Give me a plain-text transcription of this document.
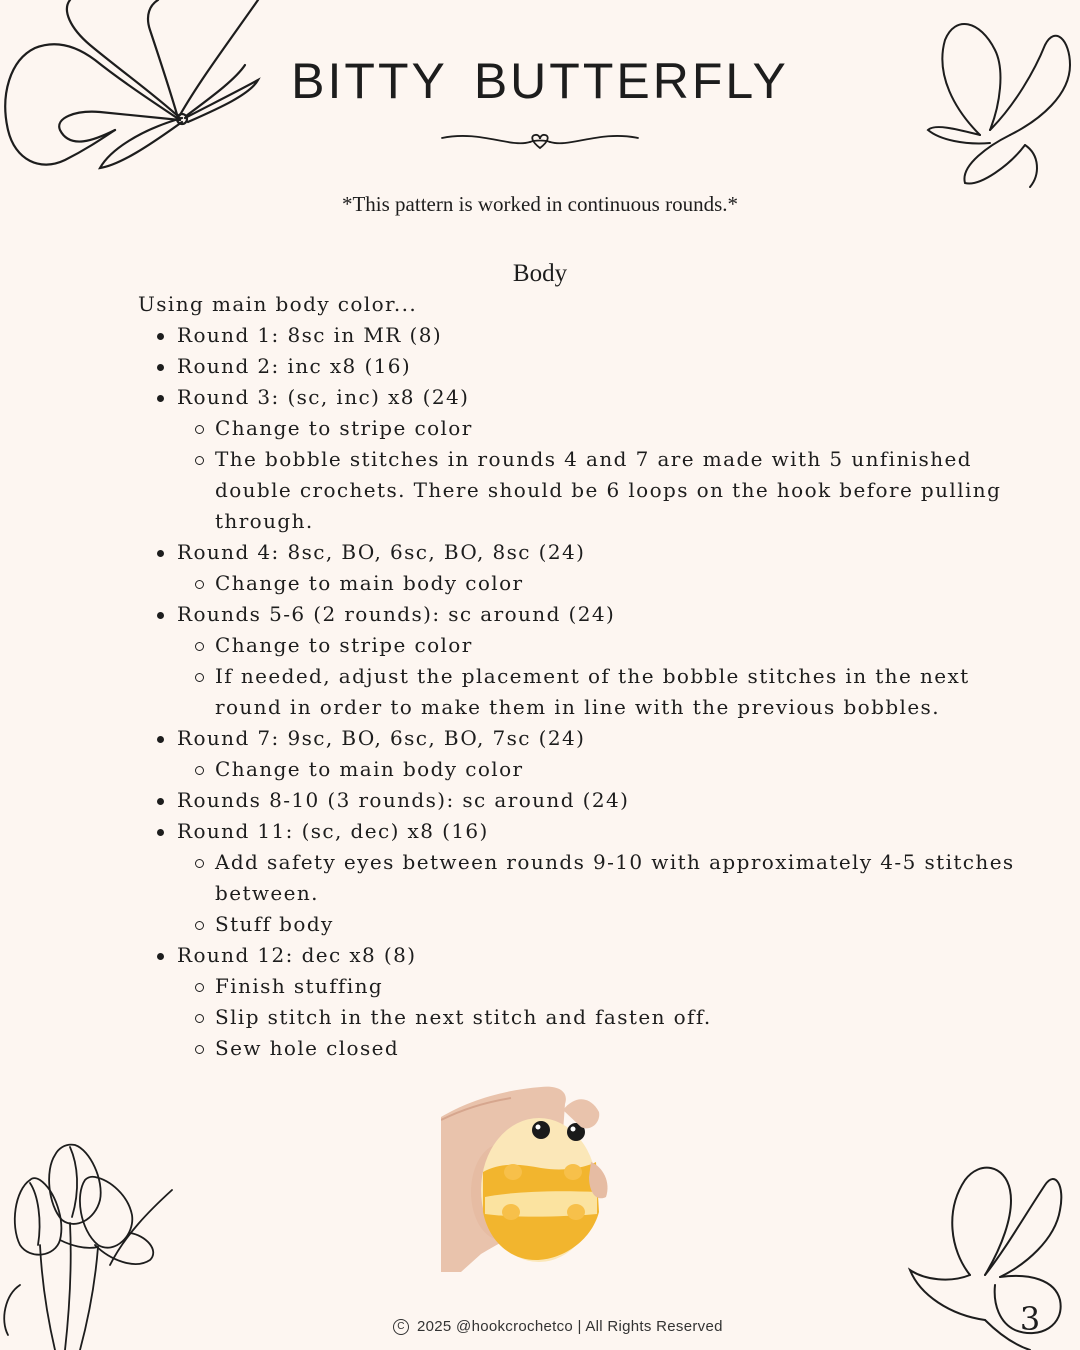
BITTY BUTTERFLY
*This pattern is worked in continuous rounds.*
Body
Using main body color...
Round 1: 8sc in MR (8)
Round 2: inc x8 (16)
Round 3: (sc, inc) x8 (24)
Change to stripe color
The bobble stitches in rounds 4 and 7 are made with 5 unfinished double crochets. There should be 6 loops on the hook before pulling through.
Round 4: 8sc, BO, 6sc, BO, 8sc (24)
Change to main body color
Rounds 5-6 (2 rounds): sc around (24)
Change to stripe color
If needed, adjust the placement of the bobble stitches in the next round in order to make them in line with the previous bobbles.
Round 7: 9sc, BO, 6sc, BO, 7sc (24)
Change to main body color
Rounds 8-10 (3 rounds): sc around (24)
Round 11: (sc, dec) x8 (16)
Add safety eyes between rounds 9-10 with approximately 4-5 stitches between.
Stuff body
Round 12: dec x8 (8)
Finish stuffing
Slip stitch in the next stitch and fasten off.
Sew hole closed
C 2025 @hookcrochetco | All Rights Reserved	3
